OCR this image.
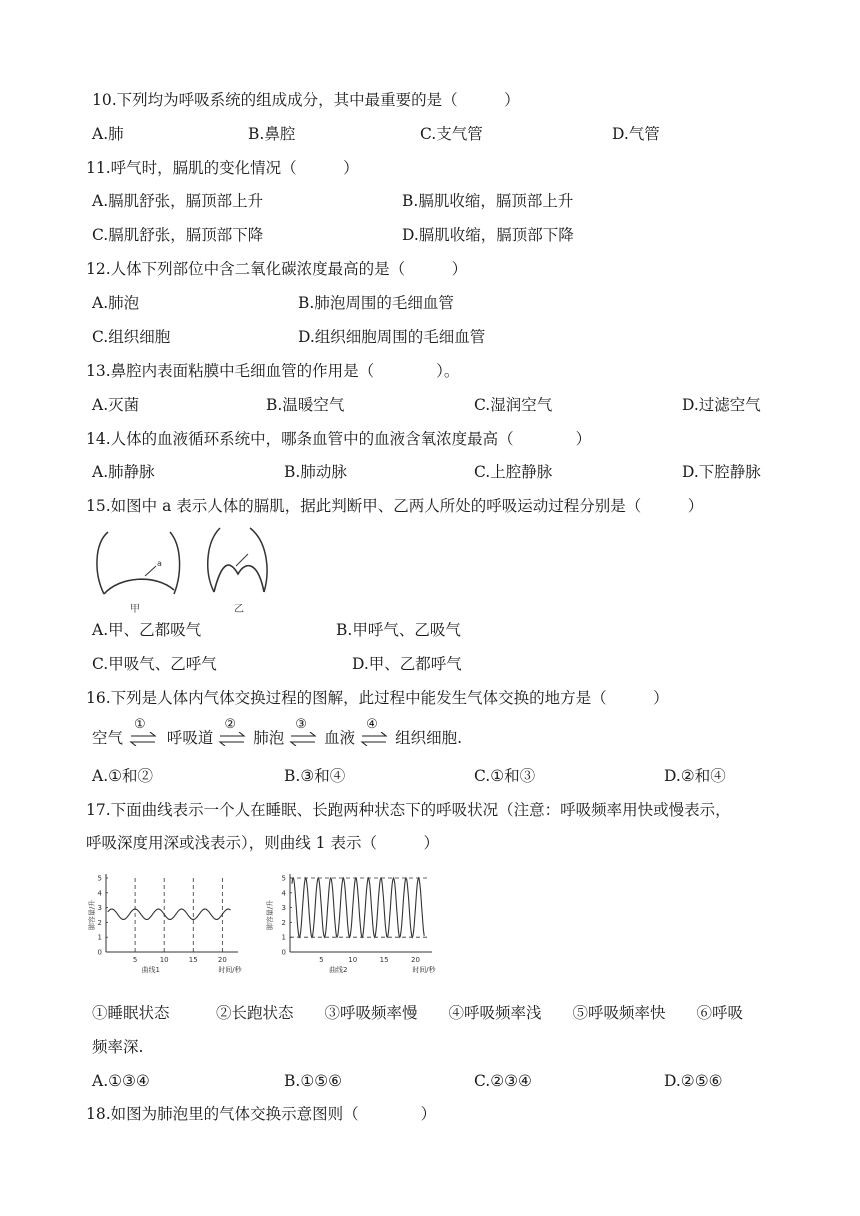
10.下列均为呼吸系统的组成成分，其中最重要的是（　　　）
A.肺	B.鼻腔	C.支气管	D.气管
11.呼气时，膈肌的变化情况（　　　）
A.膈肌舒张，膈顶部上升	B.膈肌收缩，膈顶部上升
C.膈肌舒张，膈顶部下降	D.膈肌收缩，膈顶部下降
12.人体下列部位中含二氧化碳浓度最高的是（　　　）
A.肺泡	B.肺泡周围的毛细血管
C.组织细胞	D.组织细胞周围的毛细血管
13.鼻腔内表面粘膜中毛细血管的作用是（　　　　）。
A.灭菌	B.温暖空气	C.湿润空气	D.过滤空气
14.人体的血液循环系统中，哪条血管中的血液含氧浓度最高（　　　　）
A.肺静脉	B.肺动脉	C.上腔静脉	D.下腔静脉
15.如图中 a 表示人体的膈肌，据此判断甲、乙两人所处的呼吸运动过程分别是（　　　）
a
甲	乙
A.甲、乙都吸气	B.甲呼气、乙吸气
C.甲吸气、乙呼气	D.甲、乙都呼气
16.下列是人体内气体交换过程的图解，此过程中能发生气体交换的地方是（　　　）
空气
①
呼吸道
②
肺泡
③
血液
④
组织细胞.
A.①和②	B.③和④	C.①和③	D.②和④
17.下面曲线表示一个人在睡眠、长跑两种状态下的呼吸状况（注意：呼吸频率用快或慢表示，
呼吸深度用深或浅表示），则曲线 1 表示（　　　）
0
1
2
3
4
5
5	10	15	20
肺容量/升
时间/秒
曲线1
0
1
2
3
4
5
5	10	15	20
肺容量/升
时间/秒
曲线2
①睡眠状态　　　②长跑状态　　③呼吸频率慢　　④呼吸频率浅　　⑤呼吸频率快　　⑥呼吸
频率深.
A.①③④	B.①⑤⑥	C.②③④	D.②⑤⑥
18.如图为肺泡里的气体交换示意图则（　　　　）
